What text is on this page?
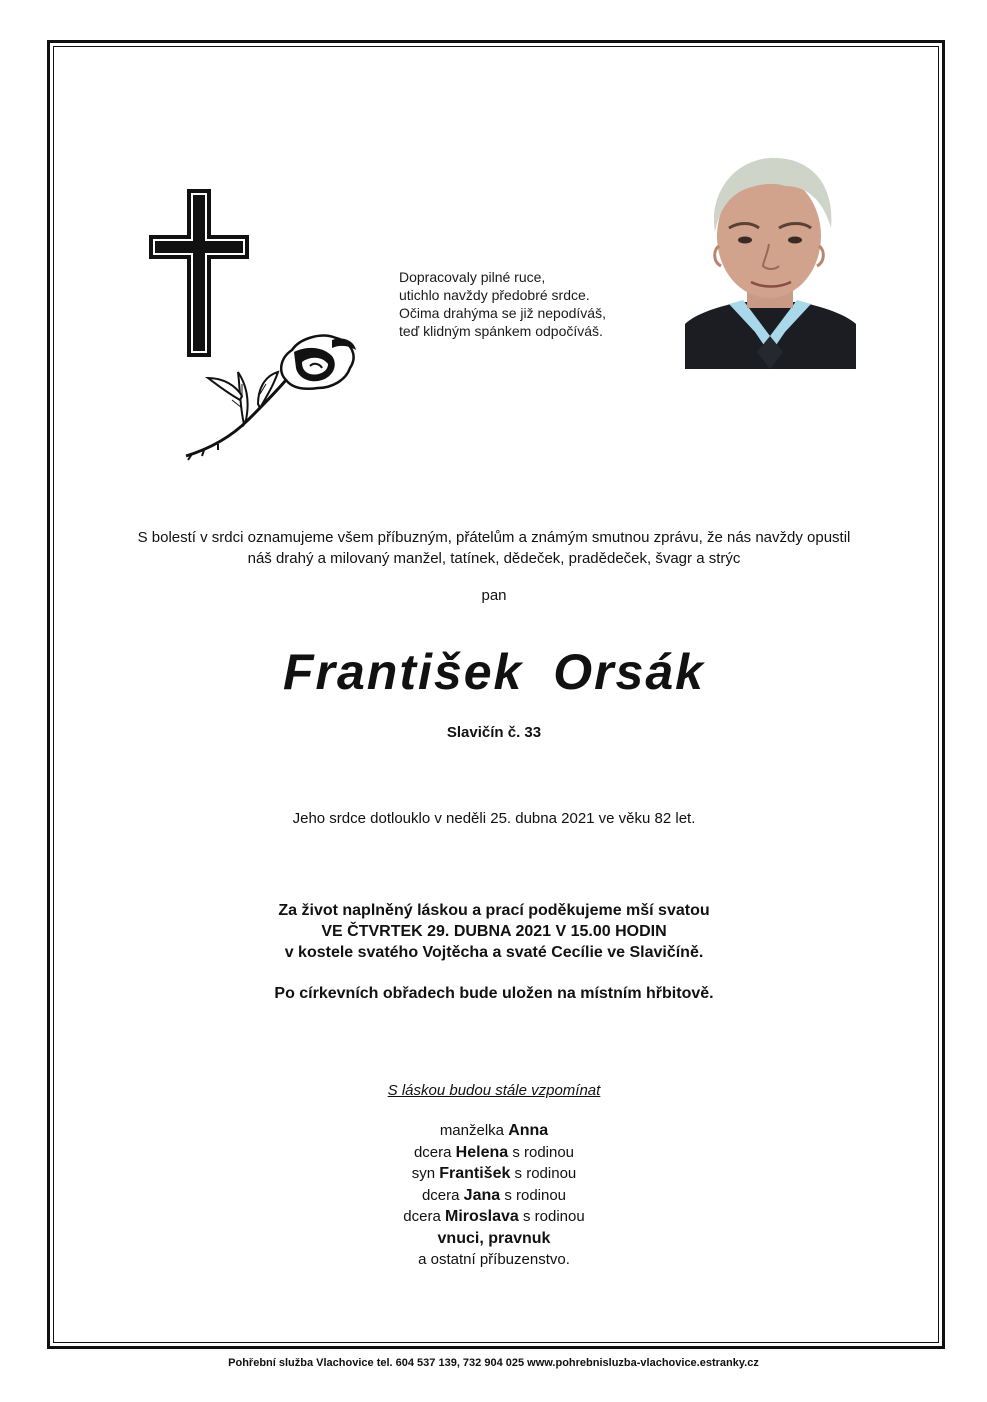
Dopracovaly pilné ruce,
utichlo navždy předobré srdce.
Očima drahýma se již nepodíváš,
teď klidným spánkem odpočíváš.
S bolestí v srdci oznamujeme všem příbuzným, přátelům a známým smutnou zprávu, že nás navždy opustil
náš drahý a milovaný manžel, tatínek, dědeček, pradědeček, švagr a strýc
pan
František Orsák
Slavičín č. 33
Jeho srdce dotlouklo v neděli 25. dubna 2021 ve věku 82 let.
Za život naplněný láskou a prací poděkujeme mší svatou
VE ČTVRTEK 29. DUBNA 2021 V 15.00 HODIN
v kostele svatého Vojtěcha a svaté Cecílie ve Slavičíně.
Po církevních obřadech bude uložen na místním hřbitově.
S láskou budou stále vzpomínat
manželka Anna
dcera Helena s rodinou
syn František s rodinou
dcera Jana s rodinou
dcera Miroslava s rodinou
vnuci, pravnuk
a ostatní příbuzenstvo.
Pohřební služba Vlachovice tel. 604 537 139, 732 904 025 www.pohrebnisluzba-vlachovice.estranky.cz
